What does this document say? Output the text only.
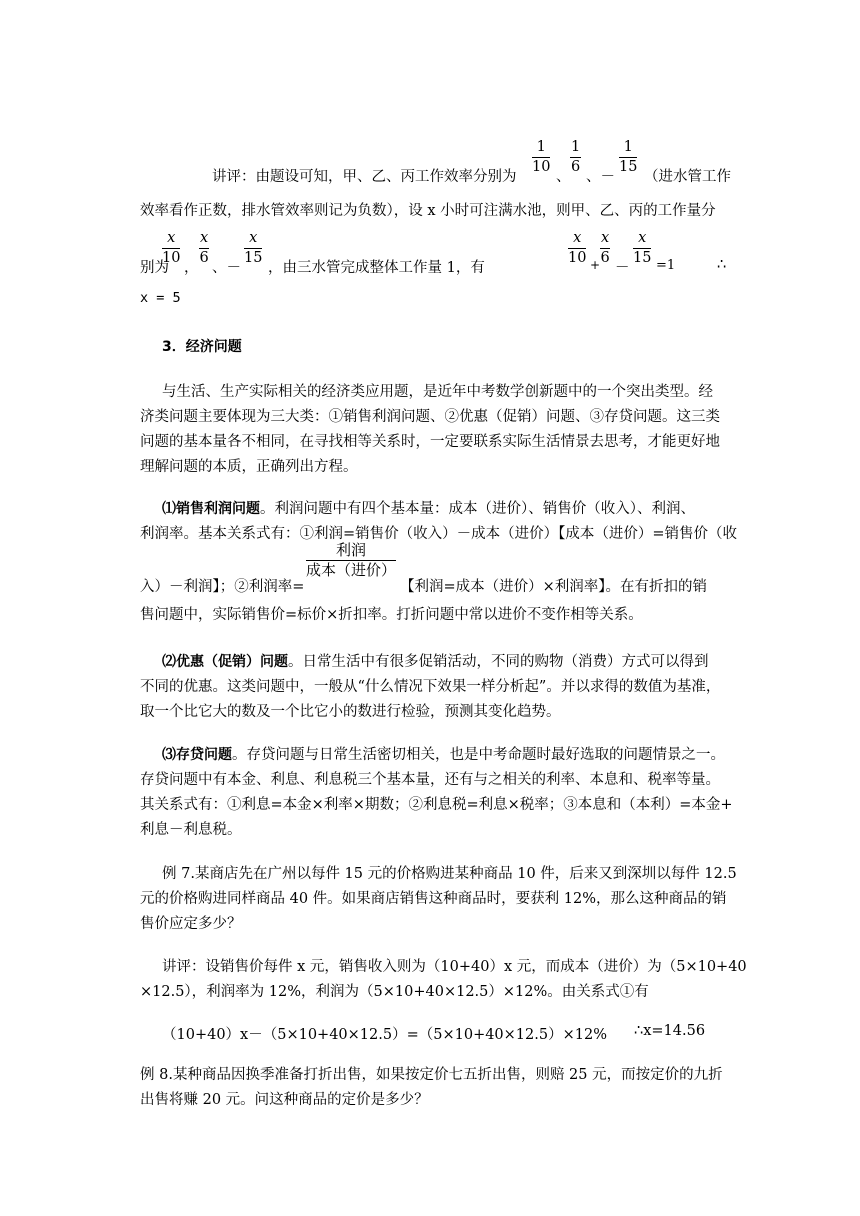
讲评：由题设可知，甲、乙、丙工作效率分别为
$\frac{1}{10}$
、
$\frac{1}{6}$
、－
$\frac{1}{15}$
（进水管工作
效率看作正数，排水管效率则记为负数），设 x 小时可注满水池，则甲、乙、丙的工作量分
别为
$\frac{x}{10}$
，
$\frac{x}{6}$
、－
$\frac{x}{15}$
，由三水管完成整体工作量 1，有
$\frac{x}{10} + \frac{x}{6}$
－
$\frac{x}{15}$
=1	∴
x = 5
3．经济问题
与生活、生产实际相关的经济类应用题，是近年中考数学创新题中的一个突出类型。经
济类问题主要体现为三大类：①销售利润问题、②优惠（促销）问题、③存贷问题。这三类
问题的基本量各不相同，在寻找相等关系时，一定要联系实际生活情景去思考，才能更好地
理解问题的本质，正确列出方程。
⑴销售利润问题。利润问题中有四个基本量：成本（进价）、销售价（收入）、利润、
利润率。基本关系式有：①利润=销售价（收入）－成本（进价）【成本（进价）=销售价（收
入）－利润】；②利润率=
利润
成本（进价）
【利润=成本（进价）×利润率】。在有折扣的销
售问题中，实际销售价=标价×折扣率。打折问题中常以进价不变作相等关系。
⑵优惠（促销）问题。日常生活中有很多促销活动，不同的购物（消费）方式可以得到
不同的优惠。这类问题中，一般从“什么情况下效果一样分析起”。并以求得的数值为基准，
取一个比它大的数及一个比它小的数进行检验，预测其变化趋势。
⑶存贷问题。存贷问题与日常生活密切相关，也是中考命题时最好选取的问题情景之一。
存贷问题中有本金、利息、利息税三个基本量，还有与之相关的利率、本息和、税率等量。
其关系式有：①利息=本金×利率×期数；②利息税=利息×税率；③本息和（本利）=本金+
利息－利息税。
例 7.某商店先在广州以每件 15 元的价格购进某种商品 10 件，后来又到深圳以每件 12.5
元的价格购进同样商品 40 件。如果商店销售这种商品时，要获利 12%，那么这种商品的销
售价应定多少？
讲评：设销售价每件 x 元，销售收入则为（10+40）x 元，而成本（进价）为（5×10+40
×12.5），利润率为 12%，利润为（5×10+40×12.5）×12%。由关系式①有
（10+40）x－（5×10+40×12.5）=（5×10+40×12.5）×12% ∴x=14.56
例 8.某种商品因换季准备打折出售，如果按定价七五折出售，则赔 25 元，而按定价的九折
出售将赚 20 元。问这种商品的定价是多少？
